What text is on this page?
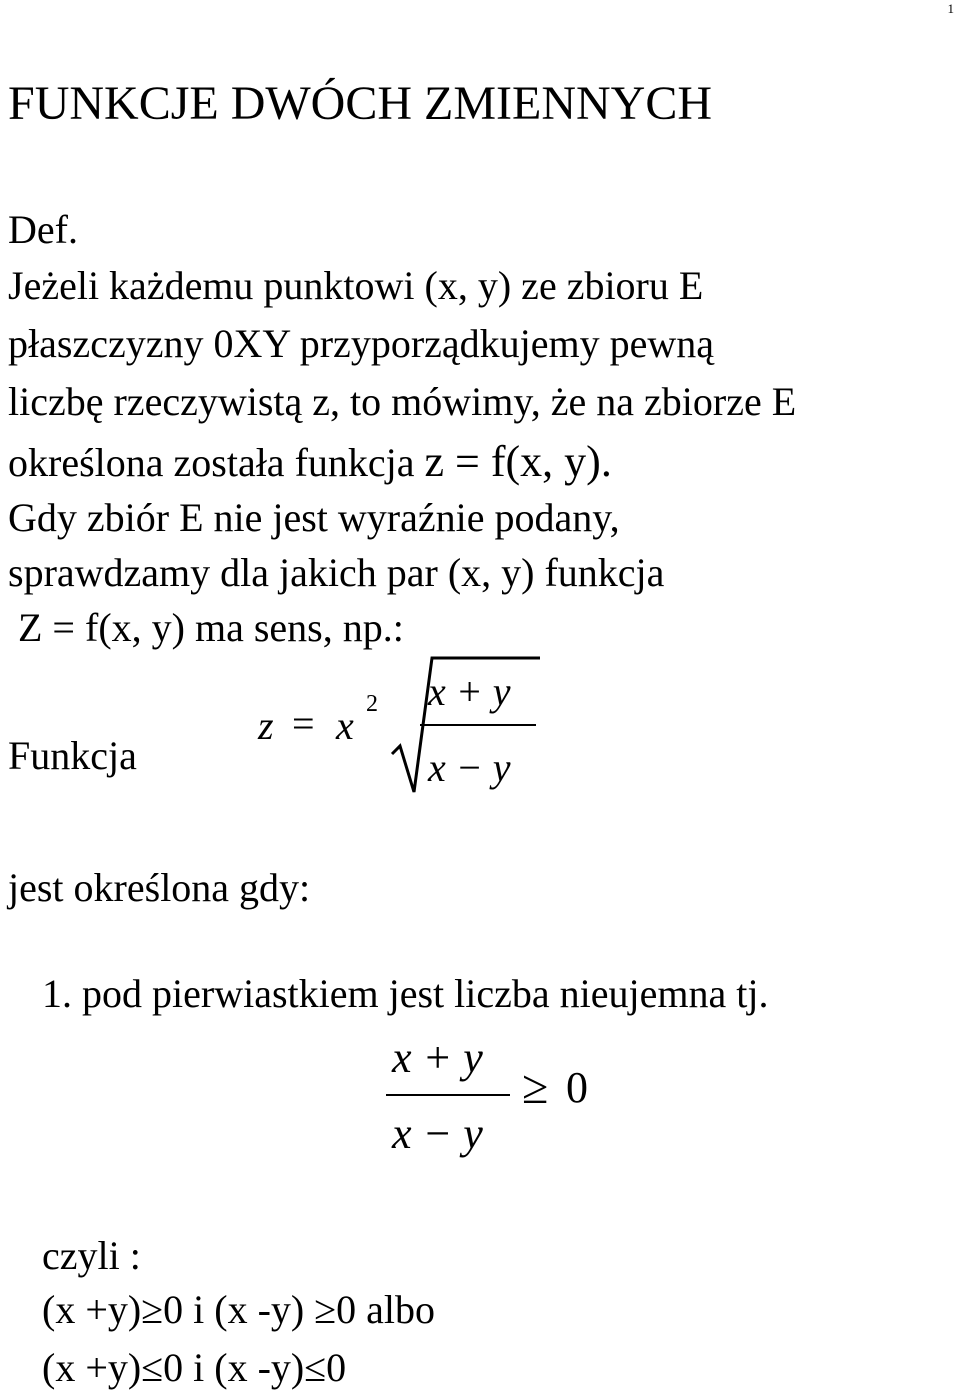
1
FUNKCJE DWÓCH ZMIENNYCH
Def.
Jeżeli każdemu punktowi (x, y) ze zbioru E
płaszczyzny 0XY przyporządkujemy pewną
liczbę rzeczywistą z, to mówimy, że na zbiorze E
określona została funkcja z = f(x, y).
Gdy zbiór E nie jest wyraźnie podany,
sprawdzamy dla jakich par (x, y) funkcja
Z = f(x, y) ma sens, np.:
Funkcja
z = x 2 x + y
x − y
jest określona gdy:
1. pod pierwiastkiem jest liczba nieujemna tj.
x + y
x − y
≥ 0
czyli :
(x +y)≥0 i (x -y) ≥0 albo
(x +y)≤0 i (x -y)≤0
